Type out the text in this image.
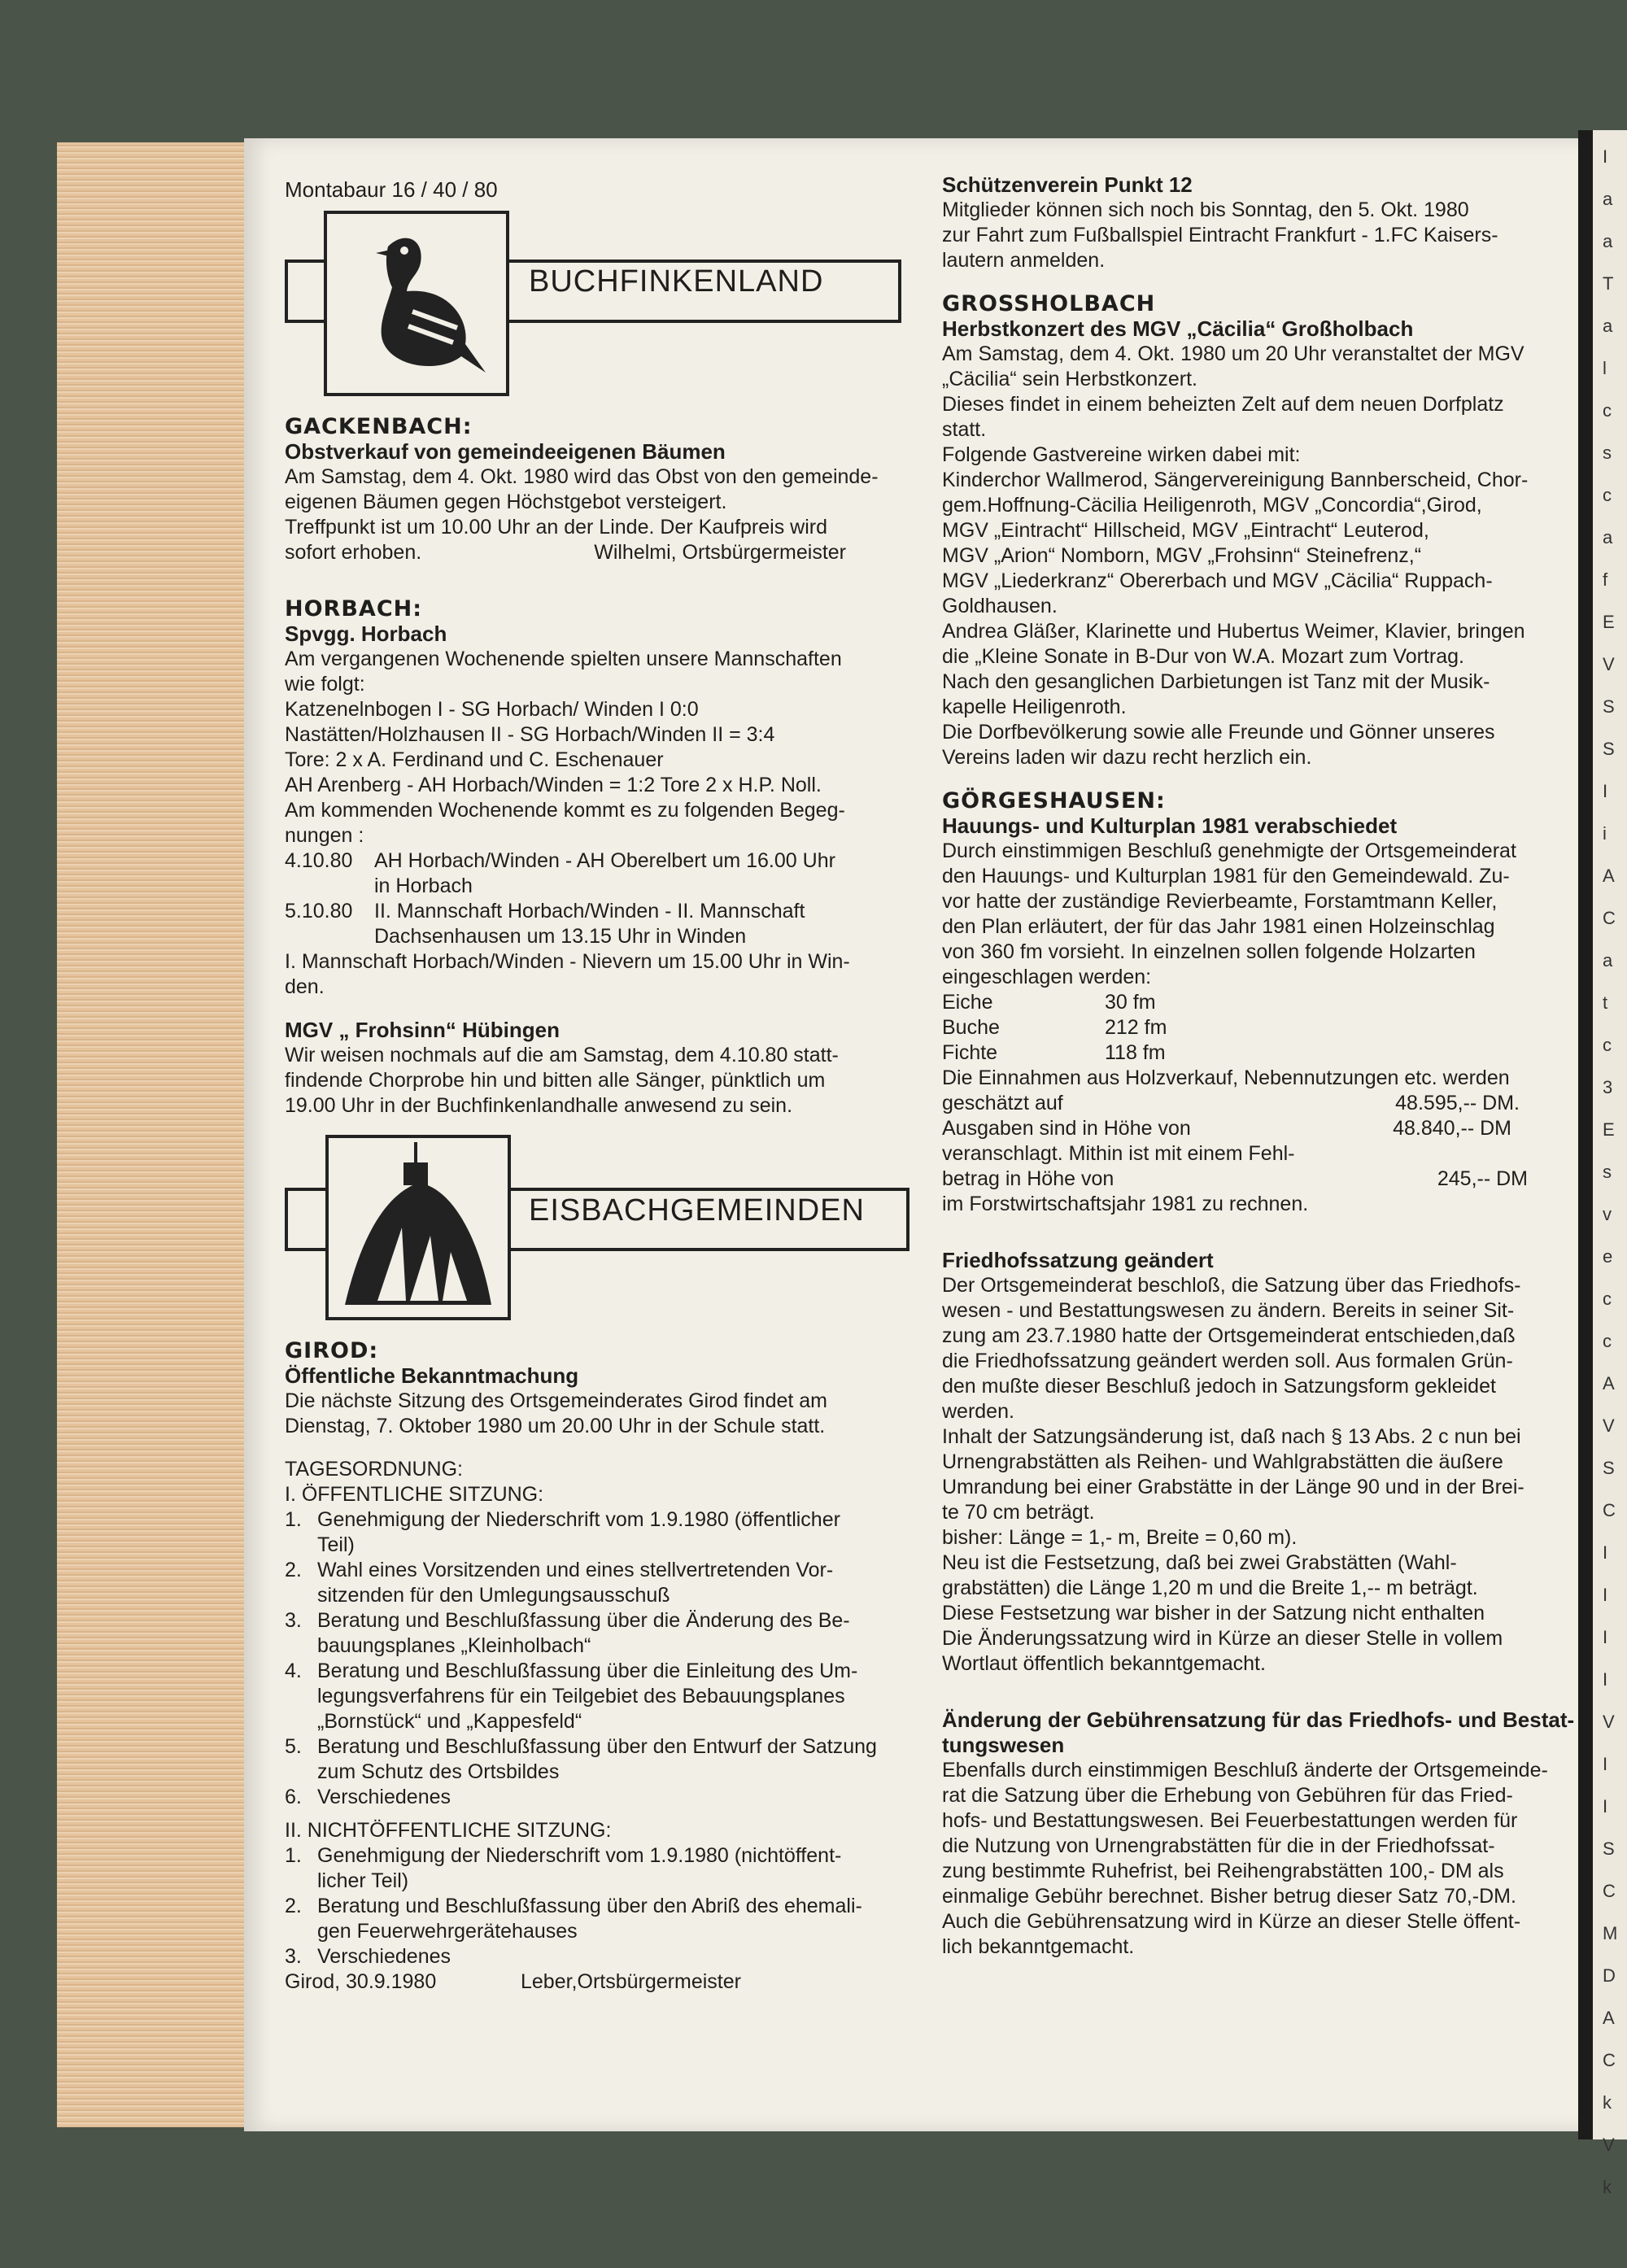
I
a
a
T
a
l
c
s
c
a
f
E
V
S
S
I
i
A
C
a
t
c
3
E
s
v
e
c
c
A
V
S
C
I
I
I
I
V
I
I
S
C
M
D
A
C
k
V
k

Montabaur 16 / 40 / 80

BUCHFINKENLAND

GACKENBACH:

Obstverkauf von gemeindeeigenen Bäumen

Am Samstag, dem 4. Okt. 1980 wird das Obst von den gemeinde-

eigenen Bäumen gegen Höchstgebot versteigert.

Treffpunkt ist um 10.00 Uhr an der Linde. Der Kaufpreis wird

sofort erhoben.	Wilhelmi, Ortsbürgermeister

HORBACH:

Spvgg. Horbach

Am vergangenen Wochenende spielten unsere Mannschaften

wie folgt:

Katzenelnbogen I - SG Horbach/ Winden I 0:0

Nastätten/Holzhausen II - SG Horbach/Winden II = 3:4

Tore: 2 x A. Ferdinand und C. Eschenauer

AH Arenberg - AH Horbach/Winden = 1:2 Tore 2 x H.P. Noll.

Am kommenden Wochenende kommt es zu folgenden Begeg-

nungen :

4.10.80	AH Horbach/Winden - AH Oberelbert um 16.00 Uhr

in Horbach

5.10.80	II. Mannschaft Horbach/Winden - II. Mannschaft

Dachsenhausen um 13.15 Uhr in Winden

I. Mannschaft Horbach/Winden - Nievern um 15.00 Uhr in Win-

den.

MGV „ Frohsinn“ Hübingen

Wir weisen nochmals auf die am Samstag, dem 4.10.80 statt-

findende Chorprobe hin und bitten alle Sänger, pünktlich um

19.00 Uhr in der Buchfinkenlandhalle anwesend zu sein.

EISBACHGEMEINDEN

GIROD:

Öffentliche Bekanntmachung

Die nächste Sitzung des Ortsgemeinderates Girod findet am

Dienstag, 7. Oktober 1980 um 20.00 Uhr in der Schule statt.

TAGESORDNUNG:

I. ÖFFENTLICHE SITZUNG:

1. Genehmigung der Niederschrift vom 1.9.1980 (öffentlicher

Teil)

2. Wahl eines Vorsitzenden und eines stellvertretenden Vor-

sitzenden für den Umlegungsausschuß

3. Beratung und Beschlußfassung über die Änderung des Be-

bauungsplanes „Kleinholbach“

4. Beratung und Beschlußfassung über die Einleitung des Um-

legungsverfahrens für ein Teilgebiet des Bebauungsplanes

„Bornstück“ und „Kappesfeld“

5. Beratung und Beschlußfassung über den Entwurf der Satzung

zum Schutz des Ortsbildes

6. Verschiedenes

II. NICHTÖFFENTLICHE SITZUNG:

1. Genehmigung der Niederschrift vom 1.9.1980 (nichtöffent-

licher Teil)

2. Beratung und Beschlußfassung über den Abriß des ehemali-

gen Feuerwehrgerätehauses

3. Verschiedenes

Girod, 30.9.1980	Leber,Ortsbürgermeister

Schützenverein Punkt 12

Mitglieder können sich noch bis Sonntag, den 5. Okt. 1980

zur Fahrt zum Fußballspiel Eintracht Frankfurt - 1.FC Kaisers-

lautern anmelden.

GROSSHOLBACH

Herbstkonzert des MGV „Cäcilia“ Großholbach

Am Samstag, dem 4. Okt. 1980 um 20 Uhr veranstaltet der MGV

„Cäcilia“ sein Herbstkonzert.

Dieses findet in einem beheizten Zelt auf dem neuen Dorfplatz

statt.

Folgende Gastvereine wirken dabei mit:

Kinderchor Wallmerod, Sängervereinigung Bannberscheid, Chor-

gem.Hoffnung-Cäcilia Heiligenroth, MGV „Concordia“,Girod,

MGV „Eintracht“ Hillscheid, MGV „Eintracht“ Leuterod,

MGV „Arion“ Nomborn, MGV „Frohsinn“ Steinefrenz,“

MGV „Liederkranz“ Obererbach und MGV „Cäcilia“ Ruppach-

Goldhausen.

Andrea Gläßer, Klarinette und Hubertus Weimer, Klavier, bringen

die „Kleine Sonate in B-Dur von W.A. Mozart zum Vortrag.

Nach den gesanglichen Darbietungen ist Tanz mit der Musik-

kapelle Heiligenroth.

Die Dorfbevölkerung sowie alle Freunde und Gönner unseres

Vereins laden wir dazu recht herzlich ein.

GÖRGESHAUSEN:

Hauungs- und Kulturplan 1981 verabschiedet

Durch einstimmigen Beschluß genehmigte der Ortsgemeinderat

den Hauungs- und Kulturplan 1981 für den Gemeindewald. Zu-

vor hatte der zuständige Revierbeamte, Forstamtmann Keller,

den Plan erläutert, der für das Jahr 1981 einen Holzeinschlag

von 360 fm vorsieht. In einzelnen sollen folgende Holzarten

eingeschlagen werden:

Eiche	30 fm
Buche	212 fm
Fichte	118 fm

Die Einnahmen aus Holzverkauf, Nebennutzungen etc. werden

geschätzt auf	48.595,-- DM.

Ausgaben sind in Höhe von	48.840,-- DM

veranschlagt. Mithin ist mit einem Fehl-

betrag in Höhe von	245,-- DM

im Forstwirtschaftsjahr 1981 zu rechnen.

Friedhofssatzung geändert

Der Ortsgemeinderat beschloß, die Satzung über das Friedhofs-

wesen - und Bestattungswesen zu ändern. Bereits in seiner Sit-

zung am 23.7.1980 hatte der Ortsgemeinderat entschieden,daß

die Friedhofssatzung geändert werden soll. Aus formalen Grün-

den mußte dieser Beschluß jedoch in Satzungsform gekleidet

werden.

Inhalt der Satzungsänderung ist, daß nach § 13 Abs. 2 c nun bei

Urnengrabstätten als Reihen- und Wahlgrabstätten die äußere

Umrandung bei einer Grabstätte in der Länge 90 und in der Brei-

te 70 cm beträgt.

bisher: Länge = 1,- m, Breite = 0,60 m).

Neu ist die Festsetzung, daß bei zwei Grabstätten (Wahl-

grabstätten) die Länge 1,20 m und die Breite 1,-- m beträgt.

Diese Festsetzung war bisher in der Satzung nicht enthalten

Die Änderungssatzung wird in Kürze an dieser Stelle in vollem

Wortlaut öffentlich bekanntgemacht.

Änderung der Gebührensatzung für das Friedhofs- und Bestat-

tungswesen

Ebenfalls durch einstimmigen Beschluß änderte der Ortsgemeinde-

rat die Satzung über die Erhebung von Gebühren für das Fried-

hofs- und Bestattungswesen. Bei Feuerbestattungen werden für

die Nutzung von Urnengrabstätten für die in der Friedhofssat-

zung bestimmte Ruhefrist, bei Reihengrabstätten 100,- DM als

einmalige Gebühr berechnet. Bisher betrug dieser Satz 70,-DM.

Auch die Gebührensatzung wird in Kürze an dieser Stelle öffent-

lich bekanntgemacht.
